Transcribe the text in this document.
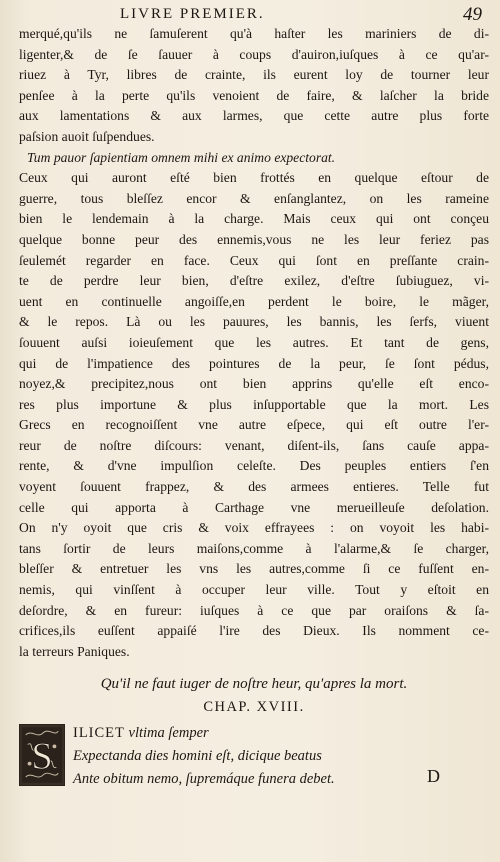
LIVRE PREMIER.	49
merqué,qu'ils ne ſamuſerent qu'à haſter les mariniers de di-
ligenter,& de ſe ſauuer à coups d'auiron,iuſques à ce qu'ar-
riuez à Tyr, libres de crainte, ils eurent loy de tourner leur
penſee à la perte qu'ils venoient de faire, & laſcher la bride
aux lamentations & aux larmes, que cette autre plus forte
paſsion auoit ſuſpendues.
Tum pauor ſapientiam omnem mihi ex animo expectorat.
Ceux qui auront eſté bien frottés en quelque eſtour de
guerre, tous bleſſez encor & enſanglantez, on les rameine
bien le lendemain à la charge. Mais ceux qui ont conçeu
quelque bonne peur des ennemis,vous ne les leur feriez pas
ſeulemét regarder en face. Ceux qui ſont en preſſante crain-
te de perdre leur bien, d'eſtre exilez, d'eſtre ſubiuguez, vi-
uent en continuelle angoiſſe,en perdent le boire, le mãger,
& le repos. Là ou les pauures, les bannis, les ſerfs, viuent
ſouuent auſsi ioieuſement que les autres. Et tant de gens,
qui de l'impatience des pointures de la peur, ſe ſont pédus,
noyez,& precipitez,nous ont bien apprins qu'elle eſt enco-
res plus importune & plus inſupportable que la mort. Les
Grecs en recognoiſſent vne autre eſpece, qui eſt outre l'er-
reur de noſtre diſcours: venant, diſent-ils, ſans cauſe appa-
rente, & d'vne impulſion celeſte. Des peuples entiers ſ'en
voyent ſouuent frappez, & des armees entieres. Telle fut
celle qui apporta à Carthage vne merueilleuſe deſolation.
On n'y oyoit que cris & voix effrayees : on voyoit les habi-
tans ſortir de leurs maiſons,comme à l'alarme,& ſe charger,
bleſſer & entretuer les vns les autres,comme ſi ce fuſſent en-
nemis, qui vinſſent à occuper leur ville. Tout y eſtoit en
deſordre, & en fureur: iuſques à ce que par oraiſons & ſa-
crifices,ils euſſent appaiſé l'ire des Dieux. Ils nomment ce-
la terreurs Paniques.
Qu'il ne faut iuger de noſtre heur, qu'apres la mort.
CHAP. XVIII.
S
ILICET vltima ſemper
Expectanda dies homini eſt, dicique beatus
Ante obitum nemo, ſupremáque funera debet.	D
